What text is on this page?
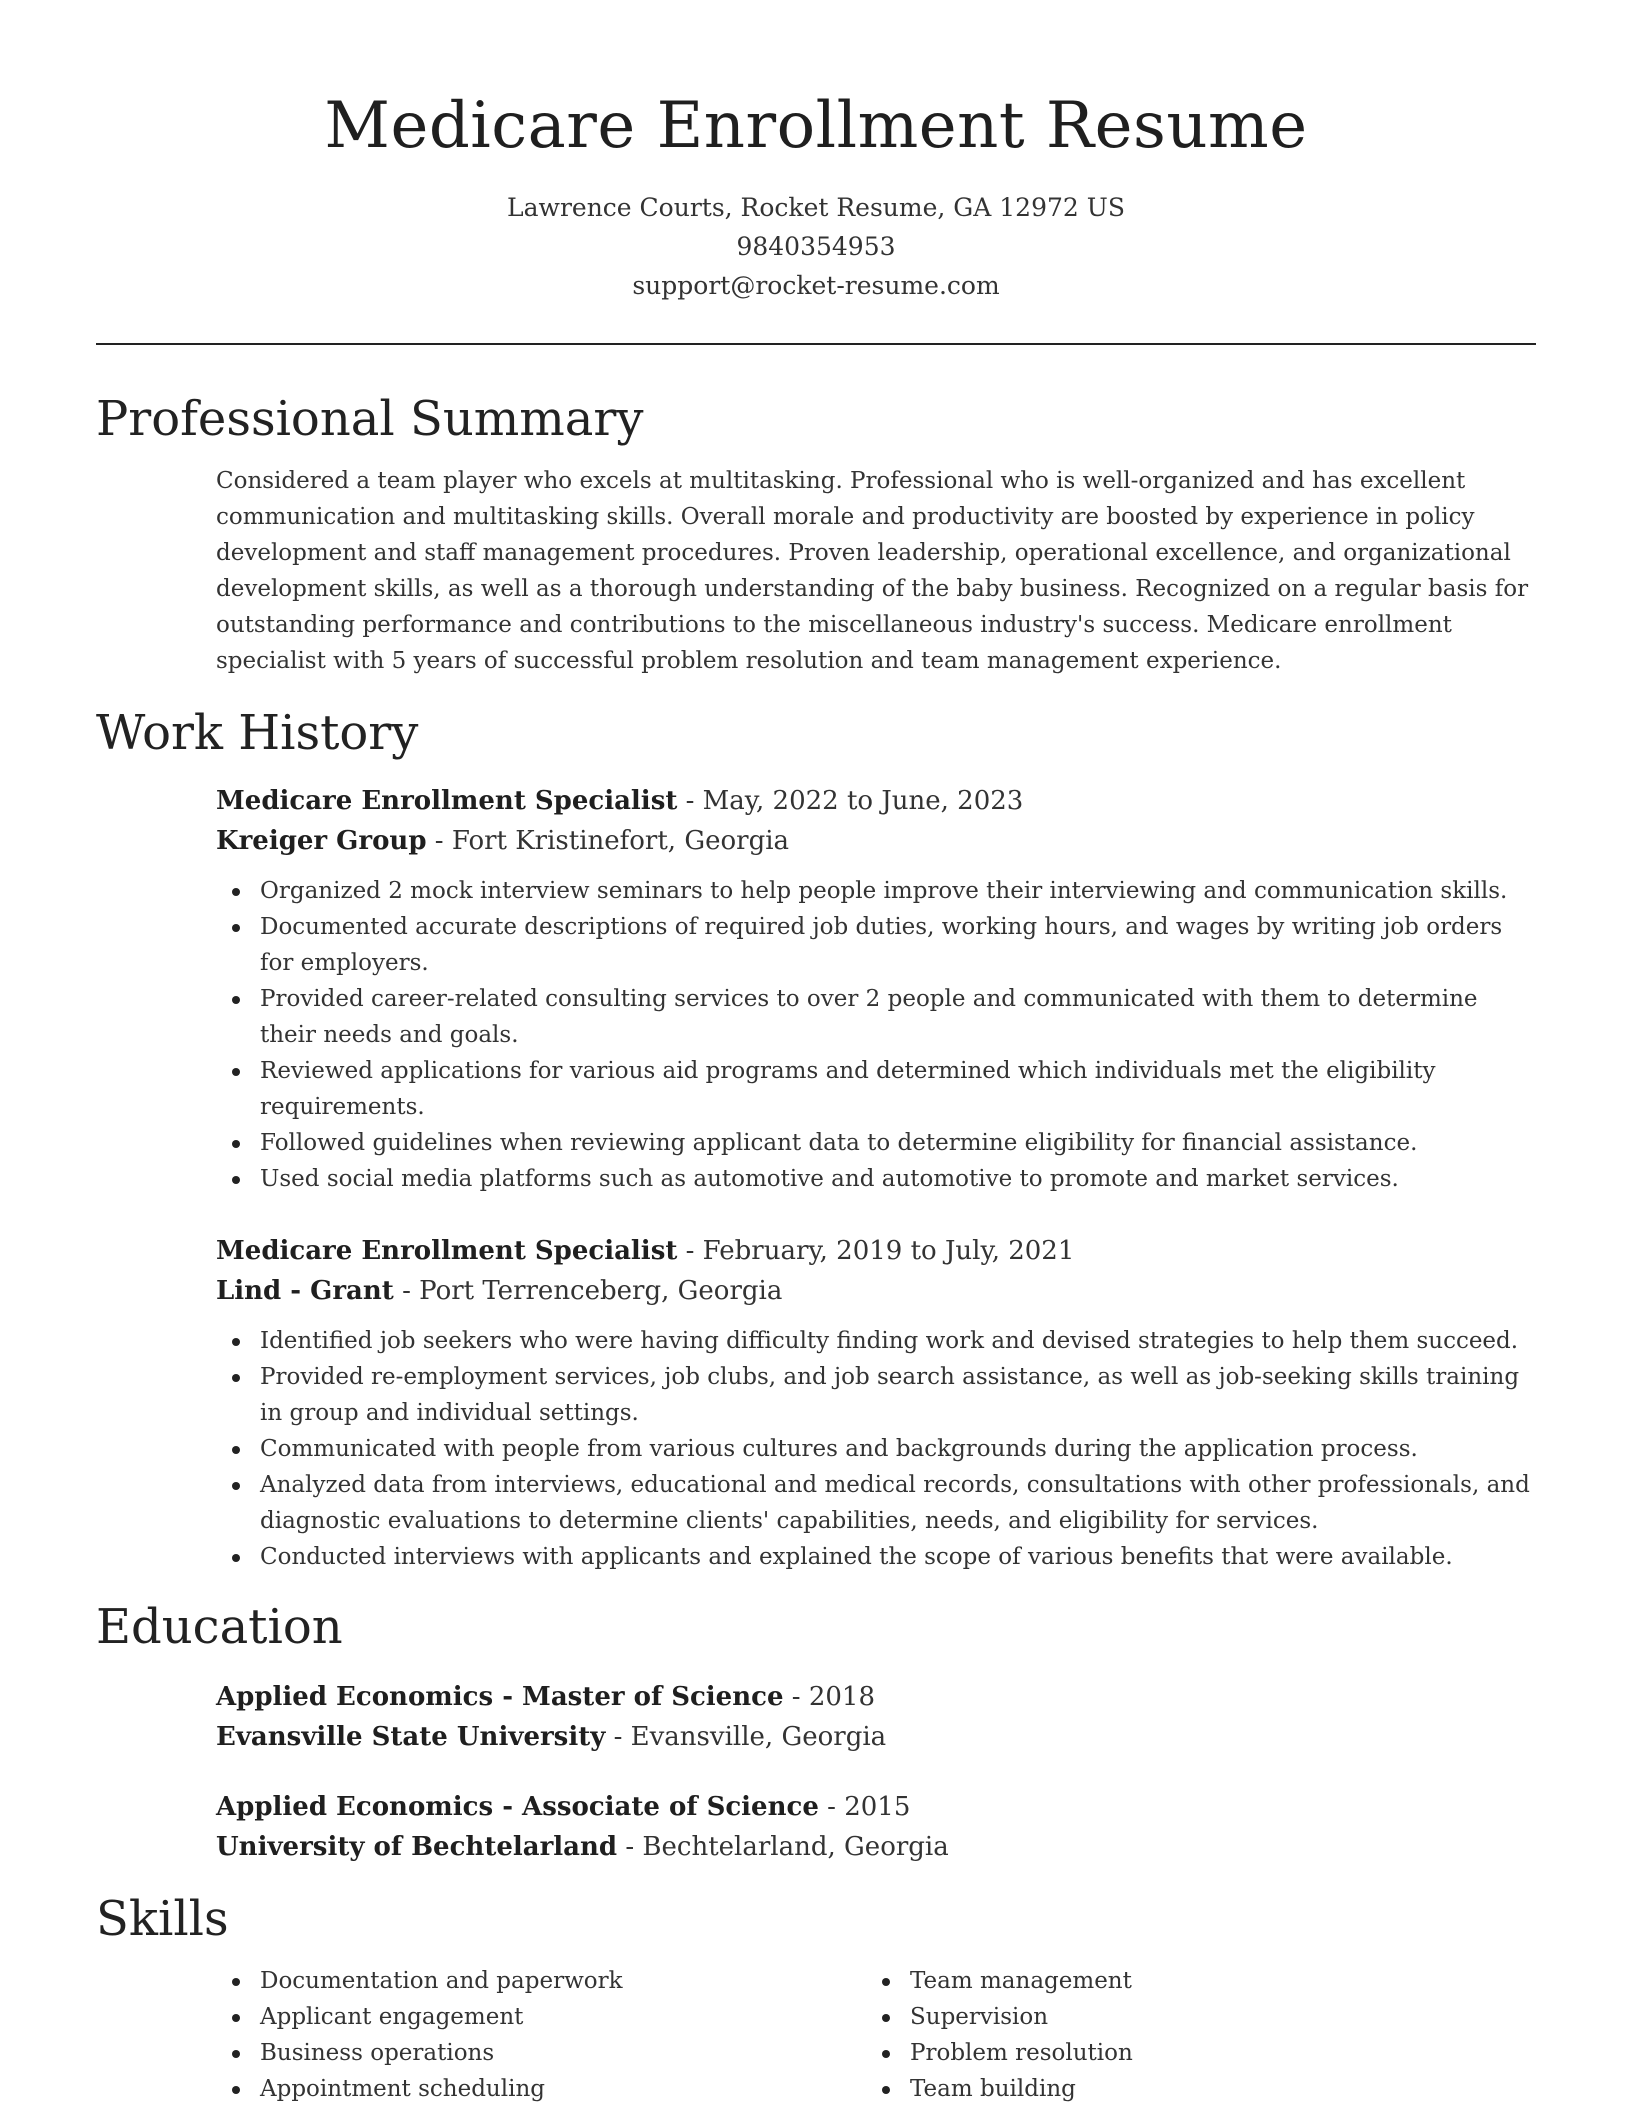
Medicare Enrollment Resume
Lawrence Courts, Rocket Resume, GA 12972 US
9840354953
support@rocket-resume.com
Professional Summary
Considered a team player who excels at multitasking. Professional who is well-organized and has excellent communication and multitasking skills. Overall morale and productivity are boosted by experience in policy development and staff management procedures. Proven leadership, operational excellence, and organizational development skills, as well as a thorough understanding of the baby business. Recognized on a regular basis for outstanding performance and contributions to the miscellaneous industry's success. Medicare enrollment specialist with 5 years of successful problem resolution and team management experience.
Work History
Medicare Enrollment Specialist - May, 2022 to June, 2023
Kreiger Group - Fort Kristinefort, Georgia
Organized 2 mock interview seminars to help people improve their interviewing and communication skills.
Documented accurate descriptions of required job duties, working hours, and wages by writing job orders for employers.
Provided career-related consulting services to over 2 people and communicated with them to determine their needs and goals.
Reviewed applications for various aid programs and determined which individuals met the eligibility requirements.
Followed guidelines when reviewing applicant data to determine eligibility for financial assistance.
Used social media platforms such as automotive and automotive to promote and market services.
Medicare Enrollment Specialist - February, 2019 to July, 2021
Lind - Grant - Port Terrenceberg, Georgia
Identified job seekers who were having difficulty finding work and devised strategies to help them succeed.
Provided re-employment services, job clubs, and job search assistance, as well as job-seeking skills training in group and individual settings.
Communicated with people from various cultures and backgrounds during the application process.
Analyzed data from interviews, educational and medical records, consultations with other professionals, and diagnostic evaluations to determine clients' capabilities, needs, and eligibility for services.
Conducted interviews with applicants and explained the scope of various benefits that were available.
Education
Applied Economics - Master of Science - 2018
Evansville State University - Evansville, Georgia
Applied Economics - Associate of Science - 2015
University of Bechtelarland - Bechtelarland, Georgia
Skills
Documentation and paperwork
Applicant engagement
Business operations
Appointment scheduling
Team management
Supervision
Problem resolution
Team building
